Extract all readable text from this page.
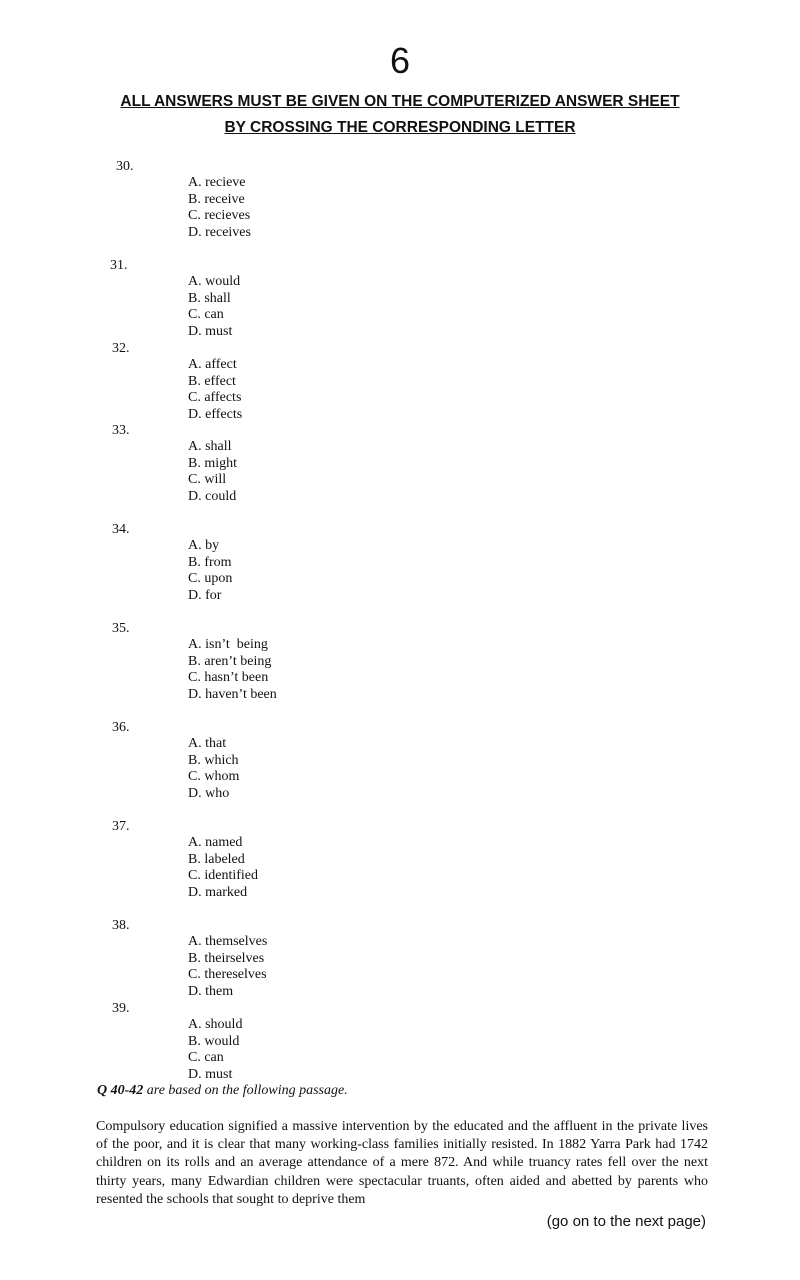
6
ALL ANSWERS MUST BE GIVEN ON THE COMPUTERIZED ANSWER SHEET
BY CROSSING THE CORRESPONDING LETTER
30.
A. recieve
B. receive
C. recieves
D. receives
31.
A. would
B. shall
C. can
D. must
32.
A. affect
B. effect
C. affects
D. effects
33.
A. shall
B. might
C. will
D. could
34.
A. by
B. from
C. upon
D. for
35.
A. isn’t  being
B. aren’t being
C. hasn’t been
D. haven’t been
36.
A. that
B. which
C. whom
D. who
37.
A. named
B. labeled
C. identified
D. marked
38.
A. themselves
B. theirselves
C. thereselves
D. them
39.
A. should
B. would
C. can
D. must
Q 40-42 are based on the following passage.
Compulsory education signified a massive intervention by the educated and the affluent in the private lives of the poor, and it is clear that many working-class families initially resisted. In 1882 Yarra Park had 1742 children on its rolls and an average attendance of a mere 872. And while truancy rates fell over the next thirty years, many Edwardian children were spectacular truants, often aided and abetted by parents who resented the schools that sought to deprive them
(go on to the next page)
